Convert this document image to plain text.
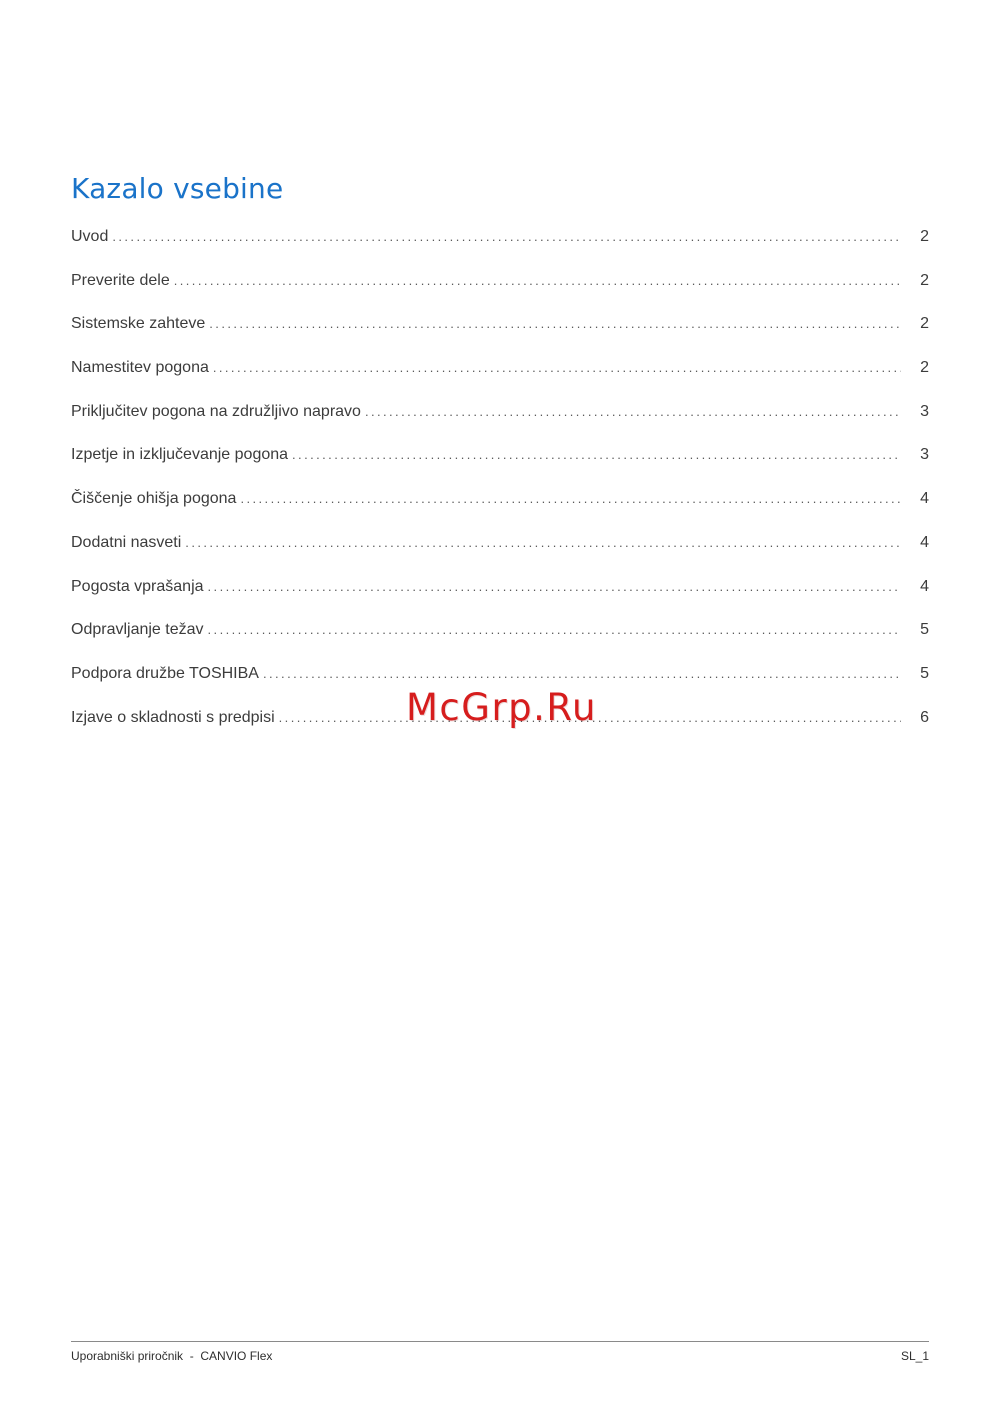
Kazalo vsebine
Uvod . . .	2
Preverite dele . . .	2
Sistemske zahteve . . .	2
Namestitev pogona . . .	2
Priključitev pogona na združljivo napravo . . .	3
Izpetje in izključevanje pogona . . .	3
Čiščenje ohišja pogona . . .	4
Dodatni nasveti . . .	4
Pogosta vprašanja . . .	4
Odpravljanje težav . . .	5
Podpora družbe TOSHIBA . . .	5
Izjave o skladnosti s predpisi . . .	6
McGrp.Ru
Uporabniški priročnik  -  CANVIO Flex	SL_1
